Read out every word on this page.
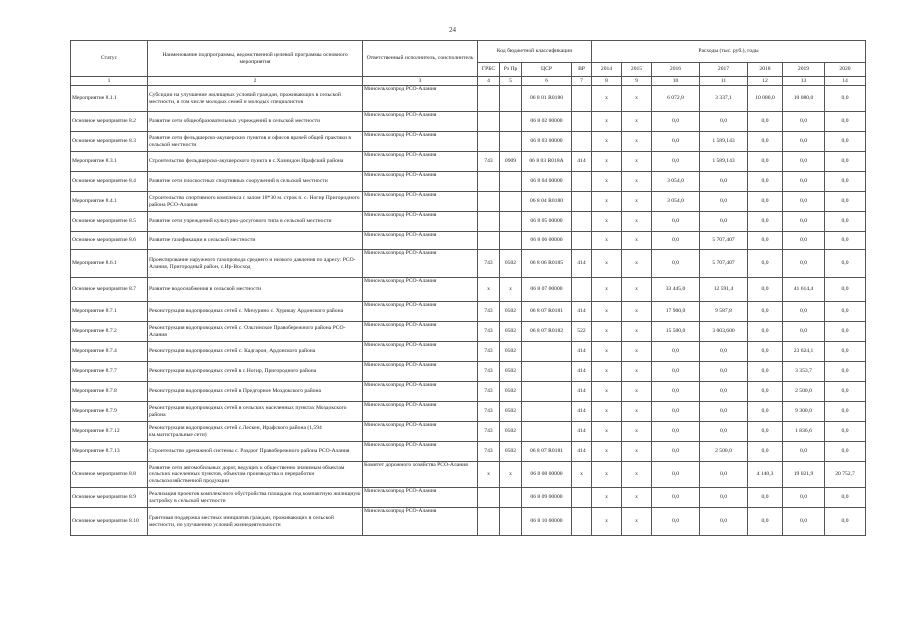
24
Статус	Наименование подпрограммы, ведомственной целевой программы основного мероприятия	Ответственный исполнитель, соисполнитель	Код бюджетной классификации				Расходы (тыс. руб.), годы						
			ГРБС	Рз Пр	ЦСР	ВР	2014	2015	2016	2017	2018	2019	2020
1	2	3	4	5	6	7	8	9	10	11	12	13	14
Мероприятие 8.1.1	Субсидии на улучшение жилищных условий граждан, проживающих в сельской местности, в том числе молодых семей и молодых специалистов	Минсельхозпрод РСО-Алания			06 8 01 R0180		x	x	6 072,0	3 337,1	10 080,0	10 080,0	0,0
Основное мероприятие 8.2	Развитие сети общеобразовательных учреждений в сельской местности	Минсельхозпрод РСО-Алания			06 8 02 00000		x	x	0,0	0,0	0,0	0,0	0,0
Основное мероприятие 8.3	Развитие сети фельдшерско-акушерских пунктов и офисов врачей общей практики в сельской местности	Минсельхозпрод РСО-Алания			06 8 03 00000		x	x	0,0	1 589,143	0,0	0,0	0,0
Мероприятие 8.3.1	Строительство фельдшерско-акушерского пункта в с.Хазнидон Ирафский района	Минсельхозпрод РСО-Алания	743	0909	06 8 03 R018А	414	x	x	0,0	1 589,143	0,0	0,0	0,0
Основное мероприятие 8.4	Развитие сети плоскостных спортивных сооружений в сельской местности	Минсельхозпрод РСО-Алания			06 8 04 00000		x	x	3 054,0	0,0	0,0	0,0	0,0
Мероприятие 8.4.1	Строительство спортивного комплекса с залом 18*30 м. строк п. с. Ногир Пригородного района РСО-Алания	Минсельхозпрод РСО-Алания			06 8 04 R0180		x	x	3 054,0	0,0	0,0	0,0	0,0
Основное мероприятие 8.5	Развитие сети учреждений культурно-досугового типа в сельской местности	Минсельхозпрод РСО-Алания			06 8 05 00000		x	x	0,0	0,0	0,0	0,0	0,0
Основное мероприятие 8.6	Развитие газификации в сельской местности	Минсельхозпрод РСО-Алания			06 8 06 00000		x	x	0,0	5 707,407	0,0	0,0	0,0
Мероприятие 8.6.1	Проектирование наружного газопровода среднего и низкого давления по адресу: РСО-Алания, Пригородный район, с.Ир-Восход	Минсельхозпрод РСО-Алания	743	0502	06 8 06 R0185	414	x	x	0,0	5 707,407	0,0	0,0	0,0
Основное мероприятие 8.7	Развитие водоснабжения в сельской местности	Минсельхозпрод РСО-Алания	x	x	06 8 07 00000		x	x	33 445,0	12 591,4	0,0	41 614,4	0,0
Мероприятие 8.7.1	Реконструкция водопроводных сетей с. Мичурино с. Хурикау Ардонского района	Минсельхозпрод РСО-Алания	743	0502	06 8 07 R0181	414	x	x	17 900,0	9 587,8	0,0	0,0	0,0
Мероприятие 8.7.2	Реконструкция водопроводных сетей с. Ольгинское Правобережного района РСО-Алания	Минсельхозпрод РСО-Алания	743	0502	06 8 07 R0182	522	x	x	15 500,0	3 003,600	0,0	0,0	0,0
Мероприятие 8.7.4	Реконструкция водопроводных сетей с. Кадгарон, Ардонского района	Минсельхозпрод РСО-Алания	743	0502		414	x	x	0,0	0,0	0,0	23 624,1	0,0
Мероприятие 8.7.7	Реконструкция водопроводных сетей в с.Ногир, Пригородного района	Минсельхозпрод РСО-Алания	743	0502		414	x	x	0,0	0,0	0,0	3 353,7	0,0
Мероприятие 8.7.8	Реконструкция водопроводных сетей в Предгорное Моздокского района	Минсельхозпрод РСО-Алания	743	0502		414	x	x	0,0	0,0	0,0	2 500,0	0,0
Мероприятие 8.7.9	Реконструкция водопроводных сетей в сельских населенных пунктах Моздокского района	Минсельхозпрод РСО-Алания	743	0502		414	x	x	0,0	0,0	0,0	9 300,0	0,0
Мероприятие 8.7.12	Реконструкция водопроводных сетей с.Лескен, Ирафского района (1,594 км.магистральные сети)	Минсельхозпрод РСО-Алания	743	0502		414	x	x	0,0	0,0	0,0	1 836,6	0,0
Мероприятие 8.7.13	Строительство дренажной системы с. Раздзог Правобережного района РСО-Алания	Минсельхозпрод РСО-Алания	743	0502	06 8 07 R0181	414	x	x	0,0	2 500,0	0,0	0,0	0,0
Основное мероприятие 8.8	Развитие сети автомобильных дорог, ведущих к общественно значимым объектам сельских населенных пунктов, объектам производства и переработки сельскохозяйственной продукции	Комитет дорожного хозяйства РСО-Алания	x	x	06 8 08 00000	x	x	x	0,0	0,0	4 140,3	19 021,9	20 752,7
Основное мероприятие 8.9	Реализация проектов комплексного обустройства площадок под компактную жилищную застройку в сельской местности	Минсельхозпрод РСО-Алания			06 8 09 00000		x	x	0,0	0,0	0,0	0,0	0,0
Основное мероприятие 8.10	Грантовая поддержка местных инициатив граждан, проживающих в сельской местности, по улучшению условий жизнедеятельности	Минсельхозпрод РСО-Алания			06 8 10 00000		x	x	0,0	0,0	0,0	0,0	0,0
